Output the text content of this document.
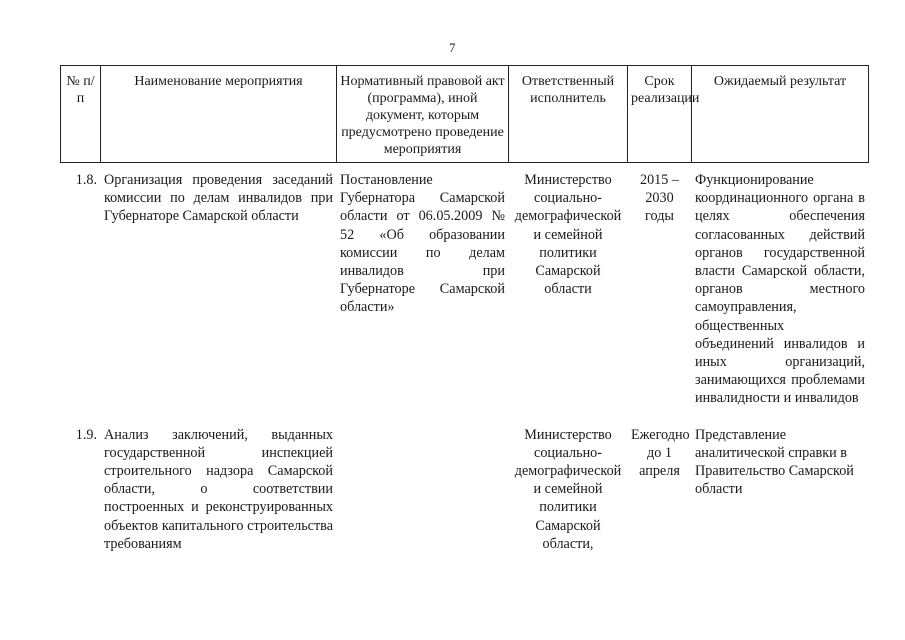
7
№ п/п	Наименование мероприятия	Нормативный правовой акт (программа), иной документ, которым предусмотрено проведение мероприятия	Ответственный исполнитель	Срок реализации	Ожидаемый результат
1.8.	Организация проведения заседаний комиссии по делам инвалидов при Губернаторе Самарской области	Постановление Губернатора Самарской области от 06.05.2009 № 52 «Об образовании комиссии по делам инвалидов при Губернаторе Самарской области»	Министерство социально-демографической и семейной политики Самарской области	2015 – 2030 годы	Функционирование координационного органа в целях обеспечения согласованных действий органов государственной власти Самарской области, органов местного самоуправления, общественных объединений инвалидов и иных организаций, занимающихся проблемами инвалидности и инвалидов
1.9.	Анализ заключений, выданных государственной инспекцией строительного надзора Самарской области, о соответствии построенных и реконструированных объектов капитального строительства требованиям		Министерство социально-демографической и семейной политики Самарской области,	Ежегодно до 1 апреля	Представление аналитической справки в Правительство Самарской области
